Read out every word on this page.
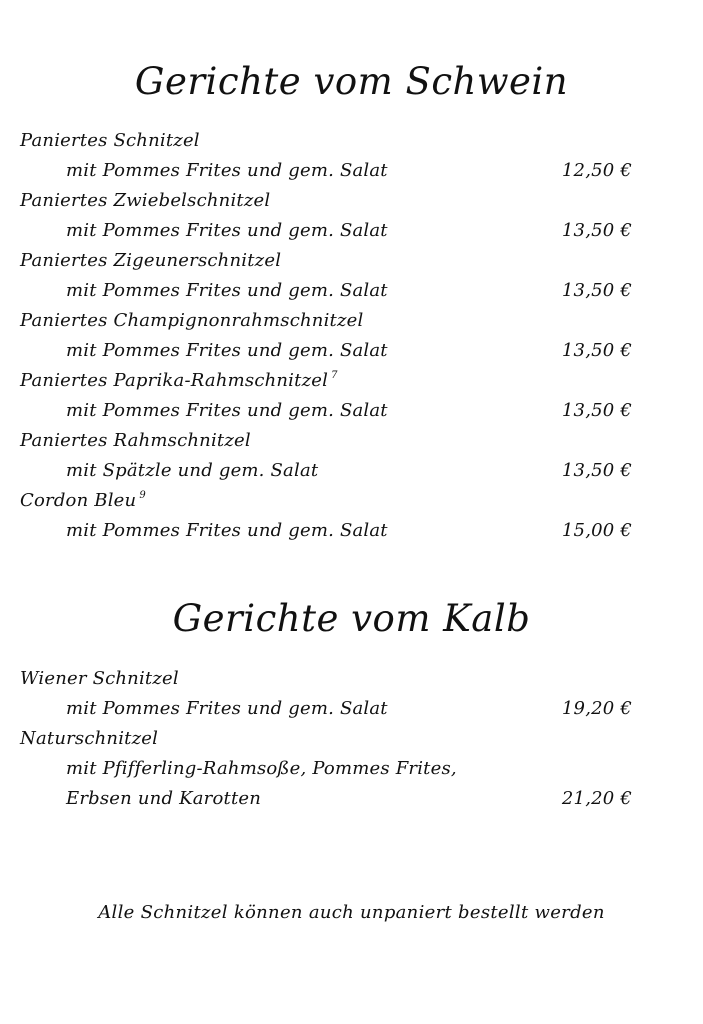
Gerichte vom Schwein
Paniertes Schnitzel
mit Pommes Frites und gem. Salat	12,50 €
Paniertes Zwiebelschnitzel
mit Pommes Frites und gem. Salat	13,50 €
Paniertes Zigeunerschnitzel
mit Pommes Frites und gem. Salat	13,50 €
Paniertes Champignonrahmschnitzel
mit Pommes Frites und gem. Salat	13,50 €
Paniertes Paprika-Rahmschnitzel $^7$
mit Pommes Frites und gem. Salat	13,50 €
Paniertes Rahmschnitzel
mit Spätzle und gem. Salat	13,50 €
Cordon Bleu $^9$
mit Pommes Frites und gem. Salat	15,00 €
Gerichte vom Kalb
Wiener Schnitzel
mit Pommes Frites und gem. Salat	19,20 €
Naturschnitzel
mit Pfifferling-Rahmsoße, Pommes Frites,
Erbsen und Karotten	21,20 €
Alle Schnitzel können auch unpaniert bestellt werden
